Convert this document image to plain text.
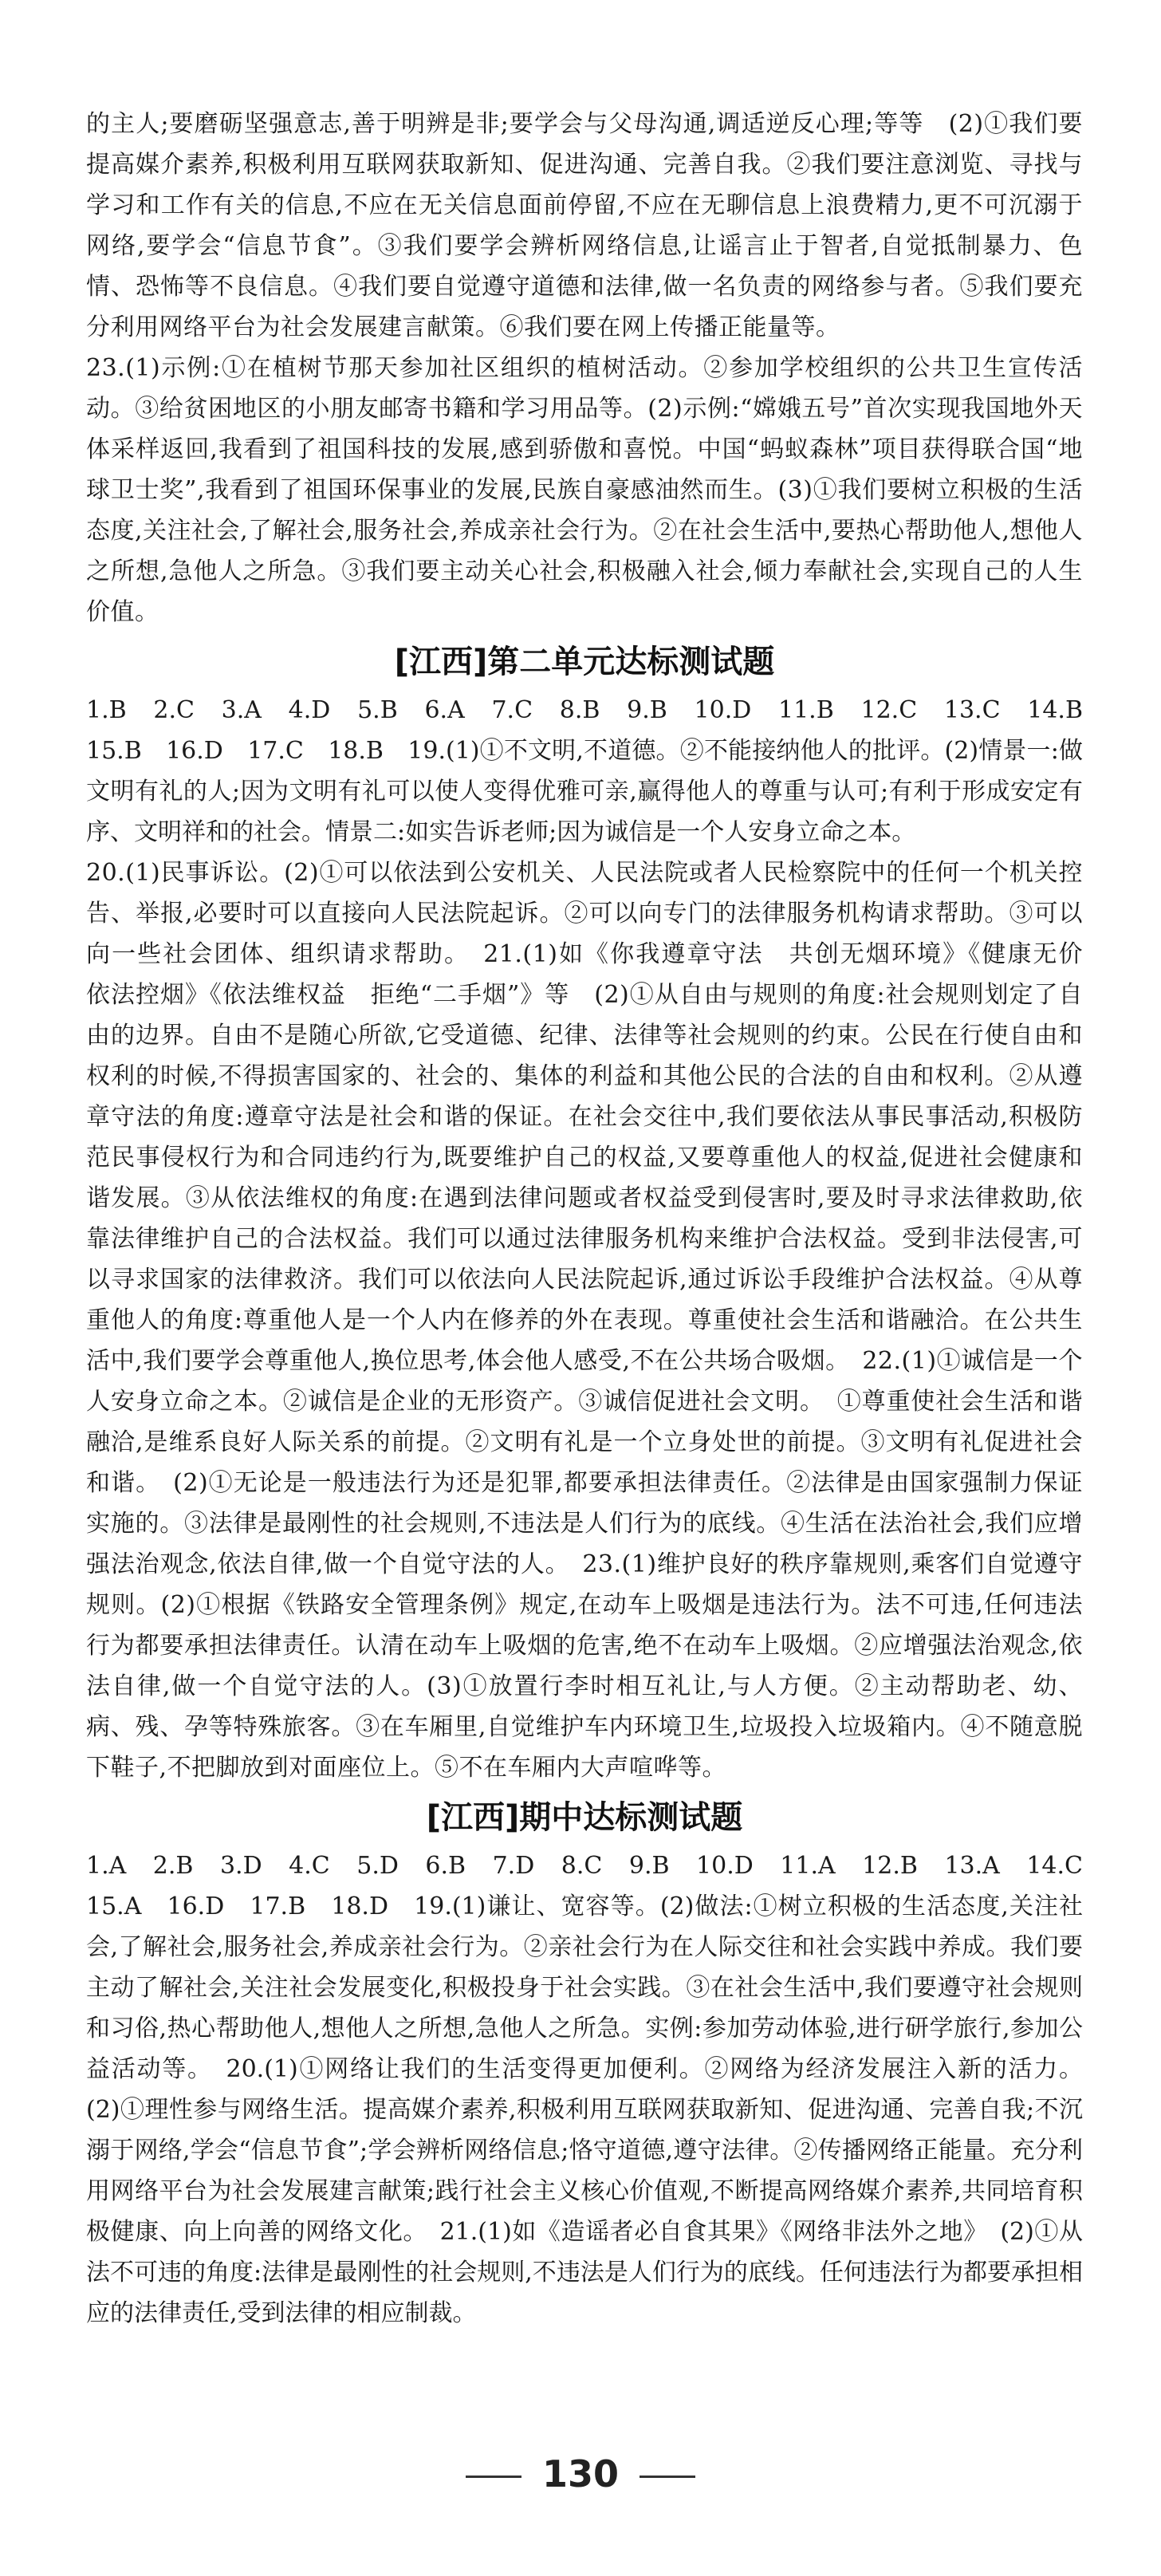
的主人;要磨砺坚强意志,善于明辨是非;要学会与父母沟通,调适逆反心理;等等　(2)①我们要提高媒介素养,积极利用互联网获取新知、促进沟通、完善自我。②我们要注意浏览、寻找与学习和工作有关的信息,不应在无关信息面前停留,不应在无聊信息上浪费精力,更不可沉溺于网络,要学会“信息节食”。③我们要学会辨析网络信息,让谣言止于智者,自觉抵制暴力、色情、恐怖等不良信息。④我们要自觉遵守道德和法律,做一名负责的网络参与者。⑤我们要充分利用网络平台为社会发展建言献策。⑥我们要在网上传播正能量等。

23.(1)示例:①在植树节那天参加社区组织的植树活动。②参加学校组织的公共卫生宣传活动。③给贫困地区的小朋友邮寄书籍和学习用品等。(2)示例:“嫦娥五号”首次实现我国地外天体采样返回,我看到了祖国科技的发展,感到骄傲和喜悦。中国“蚂蚁森林”项目获得联合国“地球卫士奖”,我看到了祖国环保事业的发展,民族自豪感油然而生。(3)①我们要树立积极的生活态度,关注社会,了解社会,服务社会,养成亲社会行为。②在社会生活中,要热心帮助他人,想他人之所想,急他人之所急。③我们要主动关心社会,积极融入社会,倾力奉献社会,实现自己的人生价值。

[江西]第二单元达标测试题

1.B　2.C　3.A　4.D　5.B　6.A　7.C　8.B　9.B　10.D　11.B　12.C　13.C　14.B　15.B　16.D　17.C　18.B　19.(1)①不文明,不道德。②不能接纳他人的批评。(2)情景一:做文明有礼的人;因为文明有礼可以使人变得优雅可亲,赢得他人的尊重与认可;有利于形成安定有序、文明祥和的社会。情景二:如实告诉老师;因为诚信是一个人安身立命之本。

20.(1)民事诉讼。(2)①可以依法到公安机关、人民法院或者人民检察院中的任何一个机关控告、举报,必要时可以直接向人民法院起诉。②可以向专门的法律服务机构请求帮助。③可以向一些社会团体、组织请求帮助。　21.(1)如《你我遵章守法　共创无烟环境》《健康无价　依法控烟》《依法维权益　拒绝“二手烟”》等　(2)①从自由与规则的角度:社会规则划定了自由的边界。自由不是随心所欲,它受道德、纪律、法律等社会规则的约束。公民在行使自由和权利的时候,不得损害国家的、社会的、集体的利益和其他公民的合法的自由和权利。②从遵章守法的角度:遵章守法是社会和谐的保证。在社会交往中,我们要依法从事民事活动,积极防范民事侵权行为和合同违约行为,既要维护自己的权益,又要尊重他人的权益,促进社会健康和谐发展。③从依法维权的角度:在遇到法律问题或者权益受到侵害时,要及时寻求法律救助,依靠法律维护自己的合法权益。我们可以通过法律服务机构来维护合法权益。受到非法侵害,可以寻求国家的法律救济。我们可以依法向人民法院起诉,通过诉讼手段维护合法权益。④从尊重他人的角度:尊重他人是一个人内在修养的外在表现。尊重使社会生活和谐融洽。在公共生活中,我们要学会尊重他人,换位思考,体会他人感受,不在公共场合吸烟。　22.(1)①诚信是一个人安身立命之本。②诚信是企业的无形资产。③诚信促进社会文明。　①尊重使社会生活和谐融洽,是维系良好人际关系的前提。②文明有礼是一个立身处世的前提。③文明有礼促进社会和谐。　(2)①无论是一般违法行为还是犯罪,都要承担法律责任。②法律是由国家强制力保证实施的。③法律是最刚性的社会规则,不违法是人们行为的底线。④生活在法治社会,我们应增强法治观念,依法自律,做一个自觉守法的人。　23.(1)维护良好的秩序靠规则,乘客们自觉遵守规则。(2)①根据《铁路安全管理条例》规定,在动车上吸烟是违法行为。法不可违,任何违法行为都要承担法律责任。认清在动车上吸烟的危害,绝不在动车上吸烟。②应增强法治观念,依法自律,做一个自觉守法的人。(3)①放置行李时相互礼让,与人方便。②主动帮助老、幼、病、残、孕等特殊旅客。③在车厢里,自觉维护车内环境卫生,垃圾投入垃圾箱内。④不随意脱下鞋子,不把脚放到对面座位上。⑤不在车厢内大声喧哗等。

[江西]期中达标测试题

1.A　2.B　3.D　4.C　5.D　6.B　7.D　8.C　9.B　10.D　11.A　12.B　13.A　14.C　15.A　16.D　17.B　18.D　19.(1)谦让、宽容等。(2)做法:①树立积极的生活态度,关注社会,了解社会,服务社会,养成亲社会行为。②亲社会行为在人际交往和社会实践中养成。我们要主动了解社会,关注社会发展变化,积极投身于社会实践。③在社会生活中,我们要遵守社会规则和习俗,热心帮助他人,想他人之所想,急他人之所急。实例:参加劳动体验,进行研学旅行,参加公益活动等。　20.(1)①网络让我们的生活变得更加便利。②网络为经济发展注入新的活力。(2)①理性参与网络生活。提高媒介素养,积极利用互联网获取新知、促进沟通、完善自我;不沉溺于网络,学会“信息节食”;学会辨析网络信息;恪守道德,遵守法律。②传播网络正能量。充分利用网络平台为社会发展建言献策;践行社会主义核心价值观,不断提高网络媒介素养,共同培育积极健康、向上向善的网络文化。　21.(1)如《造谣者必自食其果》《网络非法外之地》　(2)①从法不可违的角度:法律是最刚性的社会规则,不违法是人们行为的底线。任何违法行为都要承担相应的法律责任,受到法律的相应制裁。

130
